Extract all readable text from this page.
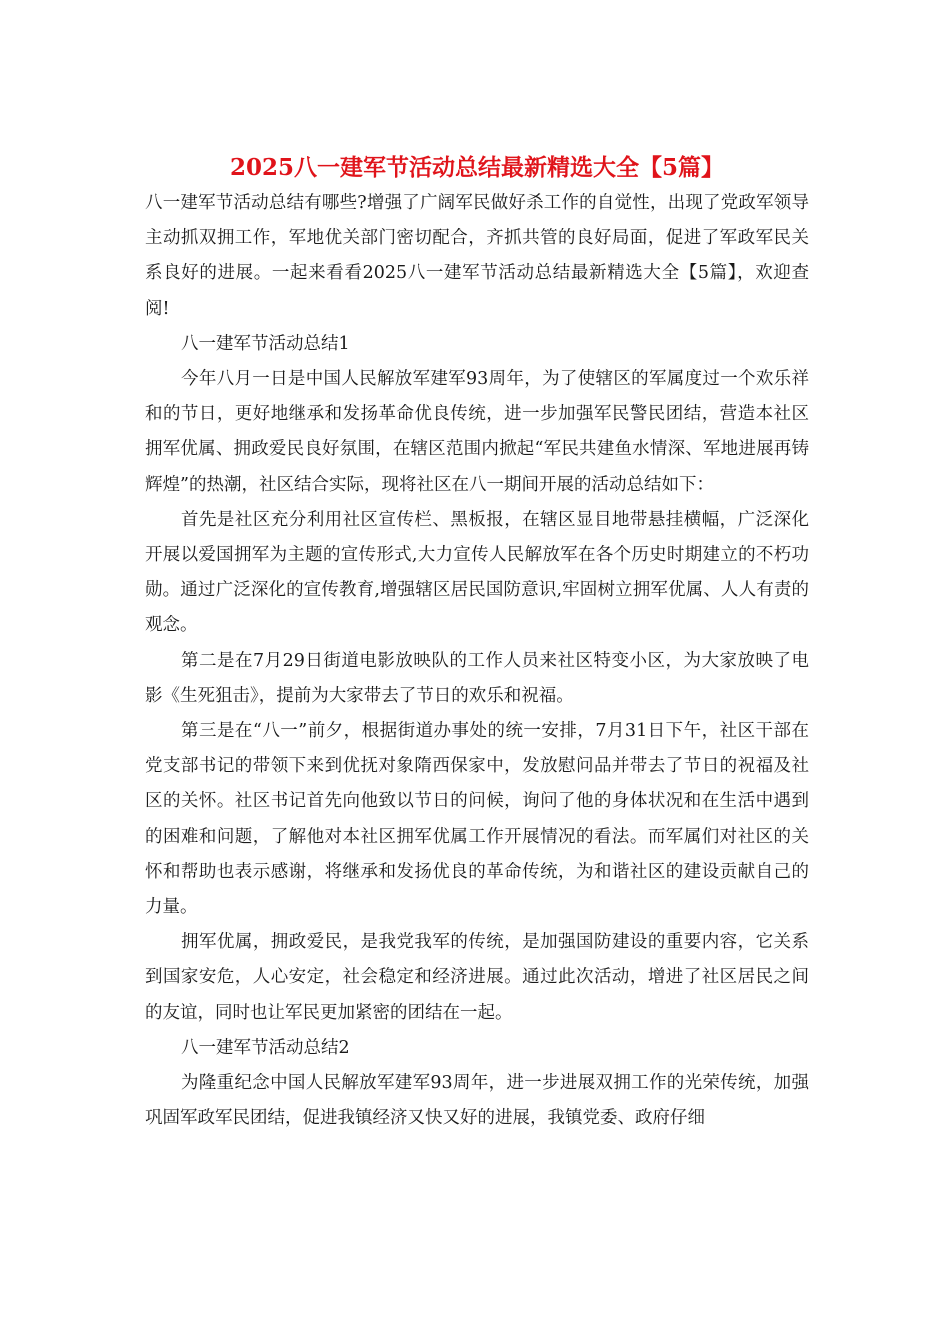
2025八一建军节活动总结最新精选大全【5篇】

八一建军节活动总结有哪些?增强了广阔军民做好杀工作的自觉性，出现了党政军领导主动抓双拥工作，军地优关部门密切配合，齐抓共管的良好局面，促进了军政军民关系良好的进展。一起来看看2025八一建军节活动总结最新精选大全【5篇】，欢迎查阅!

八一建军节活动总结1

今年八月一日是中国人民解放军建军93周年，为了使辖区的军属度过一个欢乐祥和的节日，更好地继承和发扬革命优良传统，进一步加强军民警民团结，营造本社区拥军优属、拥政爱民良好氛围，在辖区范围内掀起“军民共建鱼水情深、军地进展再铸辉煌”的热潮，社区结合实际，现将社区在八一期间开展的活动总结如下：

首先是社区充分利用社区宣传栏、黑板报，在辖区显目地带悬挂横幅，广泛深化开展以爱国拥军为主题的宣传形式,大力宣传人民解放军在各个历史时期建立的不朽功勋。通过广泛深化的宣传教育,增强辖区居民国防意识,牢固树立拥军优属、人人有责的观念。

第二是在7月29日街道电影放映队的工作人员来社区特变小区，为大家放映了电影《生死狙击》，提前为大家带去了节日的欢乐和祝福。

第三是在“八一”前夕，根据街道办事处的统一安排，7月31日下午，社区干部在党支部书记的带领下来到优抚对象隋西保家中，发放慰问品并带去了节日的祝福及社区的关怀。社区书记首先向他致以节日的问候，询问了他的身体状况和在生活中遇到的困难和问题，了解他对本社区拥军优属工作开展情况的看法。而军属们对社区的关怀和帮助也表示感谢，将继承和发扬优良的革命传统，为和谐社区的建设贡献自己的力量。

拥军优属，拥政爱民，是我党我军的传统，是加强国防建设的重要内容，它关系到国家安危，人心安定，社会稳定和经济进展。通过此次活动，增进了社区居民之间的友谊，同时也让军民更加紧密的团结在一起。

八一建军节活动总结2

为隆重纪念中国人民解放军建军93周年，进一步进展双拥工作的光荣传统，加强巩固军政军民团结，促进我镇经济又快又好的进展，我镇党委、政府仔细
